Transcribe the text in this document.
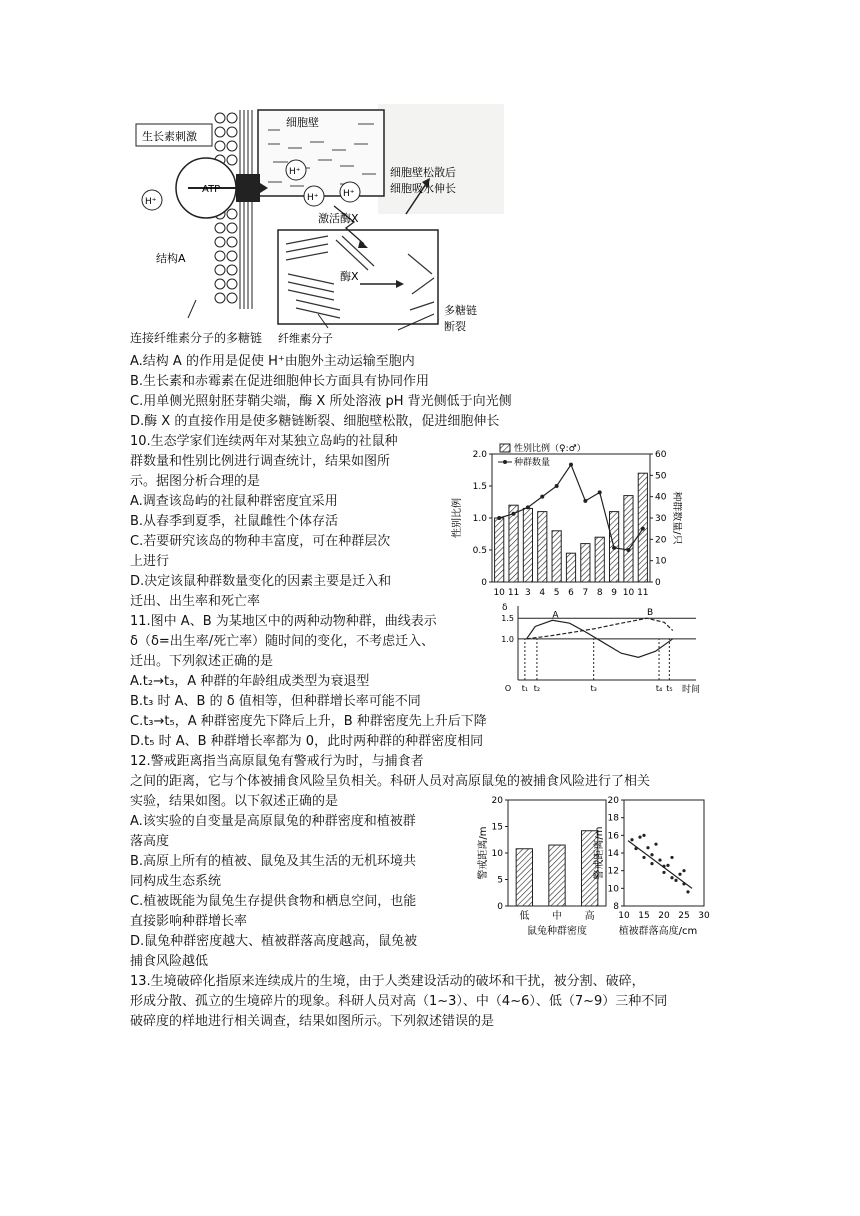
生长素刺激
细胞壁
H⁺
H⁺
H⁺	H⁺
ATP
细胞壁松散后
细胞吸水伸长
激活酶X
结构A
酶X
纤维素分子
多糖链
断裂
连接纤维素分子的多糖链
A.结构 A 的作用是促使 H⁺由胞外主动运输至胞内
B.生长素和赤霉素在促进细胞伸长方面具有协同作用
C.用单侧光照射胚芽鞘尖端，酶 X 所处溶液 pH 背光侧低于向光侧
D.酶 X 的直接作用是使多糖链断裂、细胞壁松散，促进细胞伸长
10.生态学家们连续两年对某独立岛屿的社鼠种
群数量和性别比例进行调查统计，结果如图所
示。据图分析合理的是
A.调查该岛屿的社鼠种群密度宜采用
B.从春季到夏季，社鼠雌性个体存活
C.若要研究该岛的物种丰富度，可在种群层次
上进行
D.决定该鼠种群数量变化的因素主要是迁入和
迁出、出生率和死亡率
0
0.5
1.0
1.5
2.0
0
10
20
30
40
50
60
性别比例	种群数量/只
10 11 3 4 5 6 7 8 9 10 11
性别比例（♀:♂）
种群数量
11.图中 A、B 为某地区中的两种动物种群，曲线表示
δ（δ=出生率/死亡率）随时间的变化，不考虑迁入、
迁出。下列叙述正确的是
A.t₂→t₃，A 种群的年龄组成类型为衰退型
B.t₃ 时 A、B 的 δ 值相等，但种群增长率可能不同
C.t₃→t₅，A 种群密度先下降后上升，B 种群密度先上升后下降
D.t₅ 时 A、B 种群增长率都为 0，此时两种群的种群密度相同
1.0
1.5
δ
时间
O t₁ t₂	t₃	t₄ t₅
A	B
12.警戒距离指当高原鼠兔有警戒行为时，与捕食者
之间的距离，它与个体被捕食风险呈负相关。科研人员对高原鼠兔的被捕食风险进行了相关
实验，结果如图。以下叙述正确的是
A.该实验的自变量是高原鼠兔的种群密度和植被群
落高度
B.高原上所有的植被、鼠兔及其生活的无机环境共
同构成生态系统
C.植被既能为鼠兔生存提供食物和栖息空间，也能
直接影响种群增长率
D.鼠兔种群密度越大、植被群落高度越高，鼠兔被
捕食风险越低
0
5
10
15
20
警戒距离/m
低 中 高
鼠兔种群密度
8
10
12
14
16
18
20
10 15 20 25 30
警戒距离/m
植被群落高度/cm
13.生境破碎化指原来连续成片的生境，由于人类建设活动的破坏和干扰，被分割、破碎，
形成分散、孤立的生境碎片的现象。科研人员对高（1~3）、中（4~6）、低（7~9）三种不同
破碎度的样地进行相关调查，结果如图所示。下列叙述错误的是
